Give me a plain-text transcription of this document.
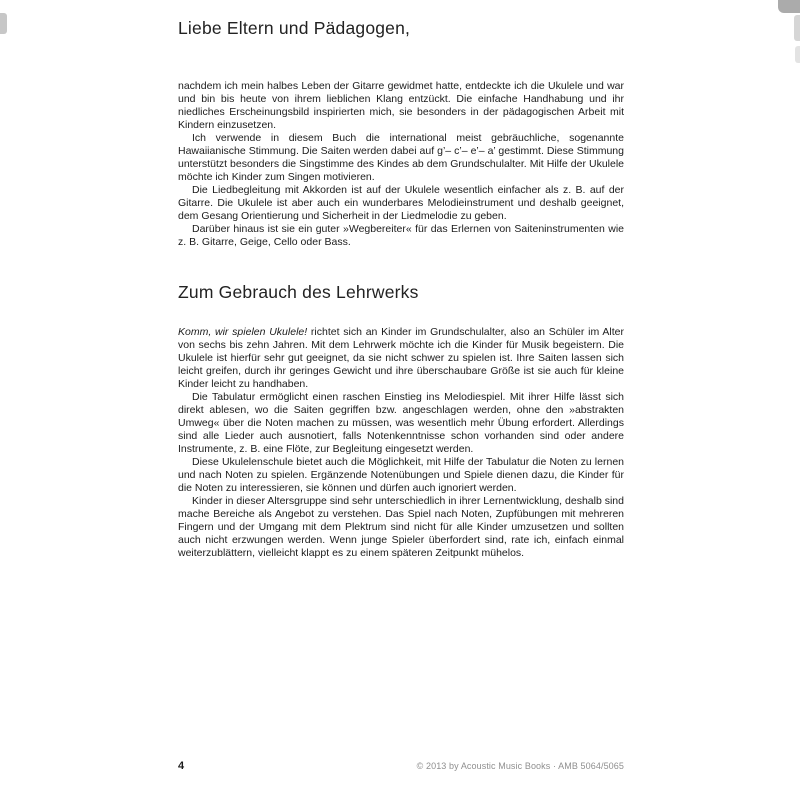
Liebe Eltern und Pädagogen,

nachdem ich mein halbes Leben der Gitarre gewidmet hatte, entdeckte ich die Ukulele und war und bin bis heute von ihrem lieblichen Klang entzückt. Die einfache Handhabung und ihr niedliches Erscheinungsbild inspirierten mich, sie besonders in der pädagogischen Arbeit mit Kindern einzusetzen.

Ich verwende in diesem Buch die international meist gebräuchliche, sogenannte Hawaiianische Stimmung. Die Saiten werden dabei auf g’– c’– e’– a’ gestimmt. Diese Stimmung unterstützt besonders die Singstimme des Kindes ab dem Grundschulalter. Mit Hilfe der Ukulele möchte ich Kinder zum Singen motivieren.

Die Liedbegleitung mit Akkorden ist auf der Ukulele wesentlich einfacher als z. B. auf der Gitarre. Die Ukulele ist aber auch ein wunderbares Melodieinstrument und deshalb geeignet, dem Gesang Orientierung und Sicherheit in der Liedmelodie zu geben.

Darüber hinaus ist sie ein guter »Wegbereiter« für das Erlernen von Saiteninstrumenten wie z. B. Gitarre, Geige, Cello oder Bass.

Zum Gebrauch des Lehrwerks

Komm, wir spielen Ukulele! richtet sich an Kinder im Grundschulalter, also an Schüler im Alter von sechs bis zehn Jahren. Mit dem Lehrwerk möchte ich die Kinder für Musik begeistern. Die Ukulele ist hierfür sehr gut geeignet, da sie nicht schwer zu spielen ist. Ihre Saiten lassen sich leicht greifen, durch ihr geringes Gewicht und ihre überschaubare Größe ist sie auch für kleine Kinder leicht zu handhaben.

Die Tabulatur ermöglicht einen raschen Einstieg ins Melodiespiel. Mit ihrer Hilfe lässt sich direkt ablesen, wo die Saiten gegriffen bzw. angeschlagen werden, ohne den »abstrakten Umweg« über die Noten machen zu müssen, was wesentlich mehr Übung erfordert. Allerdings sind alle Lieder auch ausnotiert, falls Notenkenntnisse schon vorhanden sind oder andere Instrumente, z. B. eine Flöte, zur Begleitung eingesetzt werden.

Diese Ukulelenschule bietet auch die Möglichkeit, mit Hilfe der Tabulatur die Noten zu lernen und nach Noten zu spielen. Ergänzende Notenübungen und Spiele dienen dazu, die Kinder für die Noten zu interessieren, sie können und dürfen auch ignoriert werden.

Kinder in dieser Altersgruppe sind sehr unterschiedlich in ihrer Lernentwicklung, deshalb sind mache Bereiche als Angebot zu verstehen. Das Spiel nach Noten, Zupfübungen mit mehreren Fingern und der Umgang mit dem Plektrum sind nicht für alle Kinder umzusetzen und sollten auch nicht erzwungen werden. Wenn junge Spieler überfordert sind, rate ich, einfach einmal weiterzublättern, vielleicht klappt es zu einem späteren Zeitpunkt mühelos.

4	© 2013 by Acoustic Music Books · AMB 5064/5065
